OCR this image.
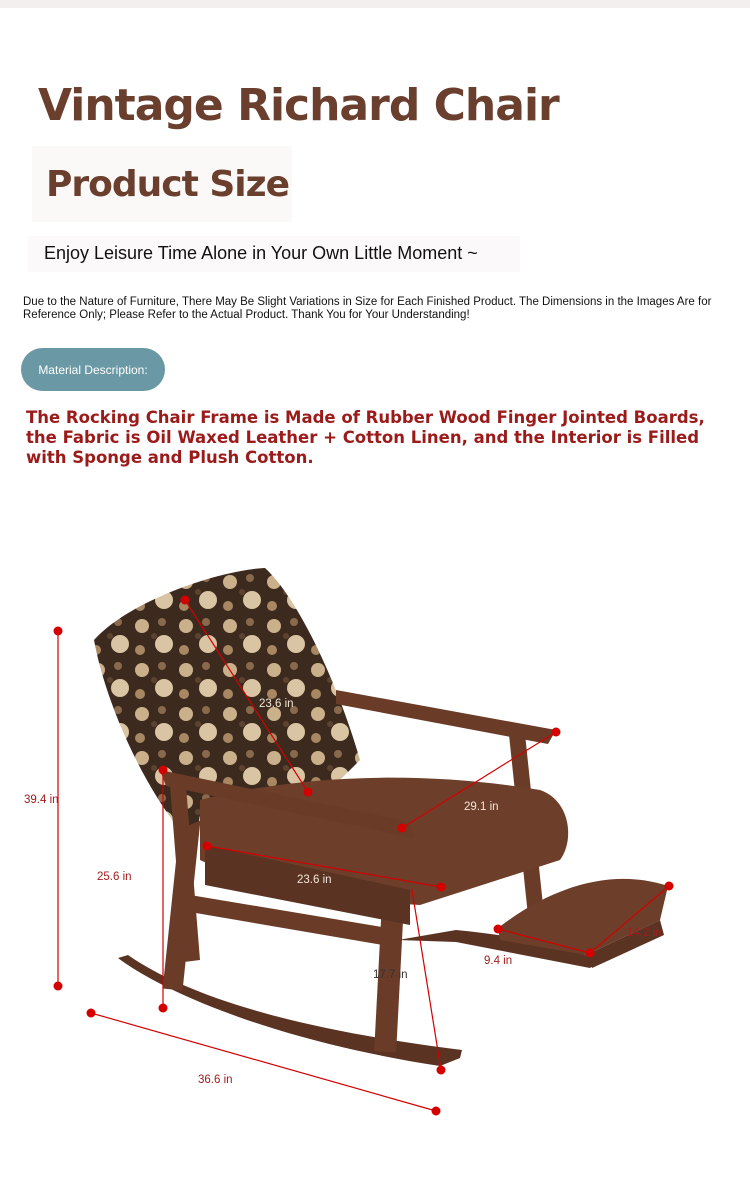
Vintage Richard Chair
Product Size

Enjoy Leisure Time Alone in Your Own Little Moment ~

Due to the Nature of Furniture, There May Be Slight Variations in Size for Each Finished Product. The Dimensions in the Images Are for Reference Only; Please Refer to the Actual Product. Thank You for Your Understanding!

Material Description:

The Rocking Chair Frame is Made of Rubber Wood Finger Jointed Boards, the Fabric is Oil Waxed Leather + Cotton Linen, and the Interior is Filled with Sponge and Plush Cotton.

39.4 in
23.6 in
29.1 in
25.6 in	23.6 in
14.2 in
9.4 in
17.7 in
36.6 in
